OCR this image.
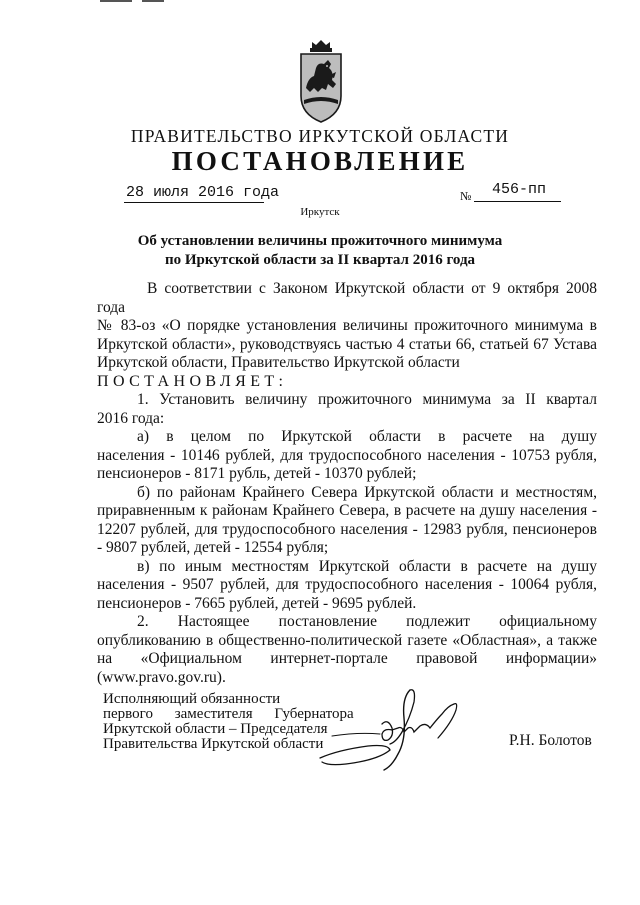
ПРАВИТЕЛЬСТВО ИРКУТСКОЙ ОБЛАСТИ
ПОСТАНОВЛЕНИЕ
28 июля 2016 года	№ 456-пп
Иркутск
Об установлении величины прожиточного минимума
по Иркутской области за II квартал 2016 года

В соответствии с Законом Иркутской области от 9 октября 2008 года

№ 83-оз «О порядке установления величины прожиточного минимума в

Иркутской области», руководствуясь частью 4 статьи 66, статьей 67 Устава

Иркутской области, Правительство Иркутской области

ПОСТАНОВЛЯЕТ:

1. Установить величину прожиточного минимума за II квартал

2016 года:

а) в целом по Иркутской области в расчете на душу

населения - 10146 рублей, для трудоспособного населения - 10753 рубля,

пенсионеров - 8171 рубль, детей - 10370 рублей;

б) по районам Крайнего Севера Иркутской области и местностям,

приравненным к районам Крайнего Севера, в расчете на душу населения -

12207 рублей, для трудоспособного населения - 12983 рубля, пенсионеров

- 9807 рублей, детей - 12554 рубля;

в) по иным местностям Иркутской области в расчете на душу

населения - 9507 рублей, для трудоспособного населения - 10064 рубля,

пенсионеров - 7665 рублей, детей - 9695 рублей.

2. Настоящее постановление подлежит официальному

опубликованию в общественно-политической газете «Областная», а также

на «Официальном интернет-портале правовой информации»

(www.pravo.gov.ru).

Исполняющий обязанности
первого заместителя Губернатора
Иркутской области – Председателя
Правительства Иркутской области	Р.Н. Болотов
